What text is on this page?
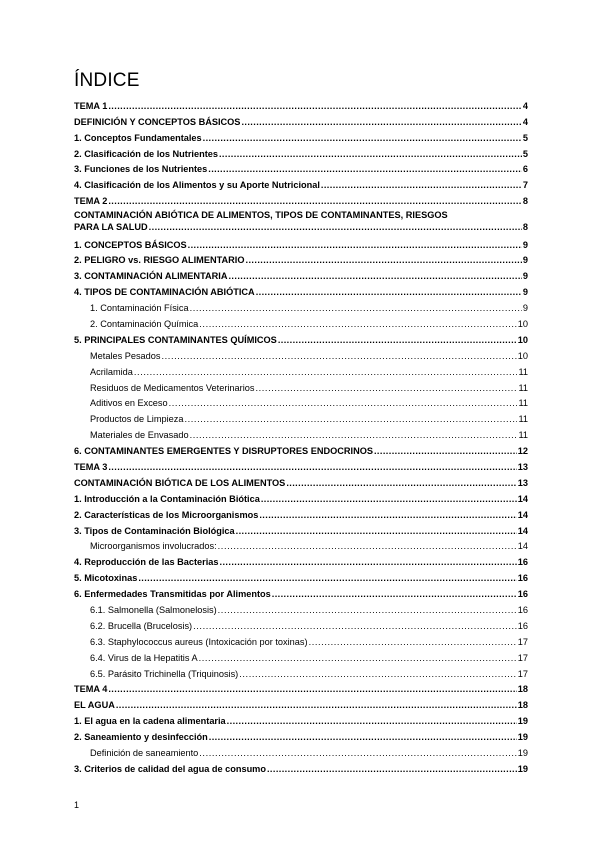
ÍNDICE
TEMA 1 .....	4
DEFINICIÓN Y CONCEPTOS BÁSICOS .....	4
1. Conceptos Fundamentales .....	5
2. Clasificación de los Nutrientes .....	5
3. Funciones de los Nutrientes .....	6
4. Clasificación de los Alimentos y su Aporte Nutricional .....	7
TEMA 2 .....	8
CONTAMINACIÓN ABIÓTICA DE ALIMENTOS, TIPOS DE CONTAMINANTES, RIESGOS
PARA LA SALUD .....	8
1. CONCEPTOS BÁSICOS .....	9
2. PELIGRO vs. RIESGO ALIMENTARIO .....	9
3. CONTAMINACIÓN ALIMENTARIA .....	9
4. TIPOS DE CONTAMINACIÓN ABIÓTICA .....	9
1. Contaminación Física .....	9
2. Contaminación Química .....	10
5. PRINCIPALES CONTAMINANTES QUÍMICOS .....	10
Metales Pesados .....	10
Acrilamida .....	11
Residuos de Medicamentos Veterinarios .....	11
Aditivos en Exceso .....	11
Productos de Limpieza .....	11
Materiales de Envasado .....	11
6. CONTAMINANTES EMERGENTES Y DISRUPTORES ENDOCRINOS .....	12
TEMA 3 .....	13
CONTAMINACIÓN BIÓTICA DE LOS ALIMENTOS .....	13
1. Introducción a la Contaminación Biótica .....	14
2. Características de los Microorganismos .....	14
3. Tipos de Contaminación Biológica .....	14
Microorganismos involucrados: .....	14
4. Reproducción de las Bacterias .....	16
5. Micotoxinas .....	16
6. Enfermedades Transmitidas por Alimentos .....	16
6.1. Salmonella (Salmonelosis) .....	16
6.2. Brucella (Brucelosis) .....	16
6.3. Staphylococcus aureus (Intoxicación por toxinas) .....	17
6.4. Virus de la Hepatitis A .....	17
6.5. Parásito Trichinella (Triquinosis) .....	17
TEMA 4 .....	18
EL AGUA .....	18
1. El agua en la cadena alimentaria .....	19
2. Saneamiento y desinfección .....	19
Definición de saneamiento .....	19
3. Criterios de calidad del agua de consumo .....	19
1
